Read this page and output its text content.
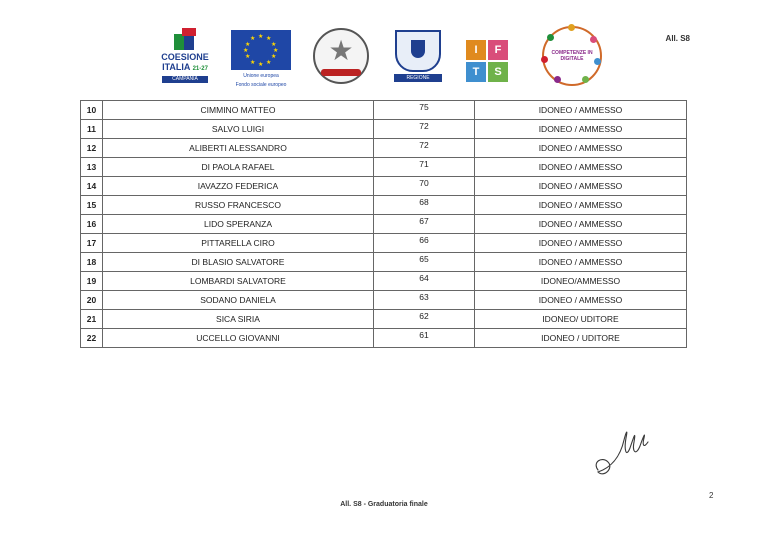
COESIONE
ITALIA 21-27
CAMPANIA
★ ★
★
★
★
★
★
★
★
★
★
★
Unione europea
Fondo sociale europeo
★
REGIONE CAMPANIA
I	F
T	S
COMPETENZE IN DIGITALE
All. S8
10	CIMMINO MATTEO	75	IDONEO / AMMESSO
11	SALVO LUIGI	72	IDONEO / AMMESSO
12	ALIBERTI ALESSANDRO	72	IDONEO / AMMESSO
13	DI PAOLA RAFAEL	71	IDONEO / AMMESSO
14	IAVAZZO FEDERICA	70	IDONEO / AMMESSO
15	RUSSO FRANCESCO	68	IDONEO / AMMESSO
16	LIDO SPERANZA	67	IDONEO / AMMESSO
17	PITTARELLA CIRO	66	IDONEO / AMMESSO
18	DI BLASIO SALVATORE	65	IDONEO / AMMESSO
19	LOMBARDI SALVATORE	64	IDONEO/AMMESSO
20	SODANO DANIELA	63	IDONEO / AMMESSO
21	SICA SIRIA	62	IDONEO/ UDITORE
22	UCCELLO GIOVANNI	61	IDONEO / UDITORE
2
All. S8 - Graduatoria finale
